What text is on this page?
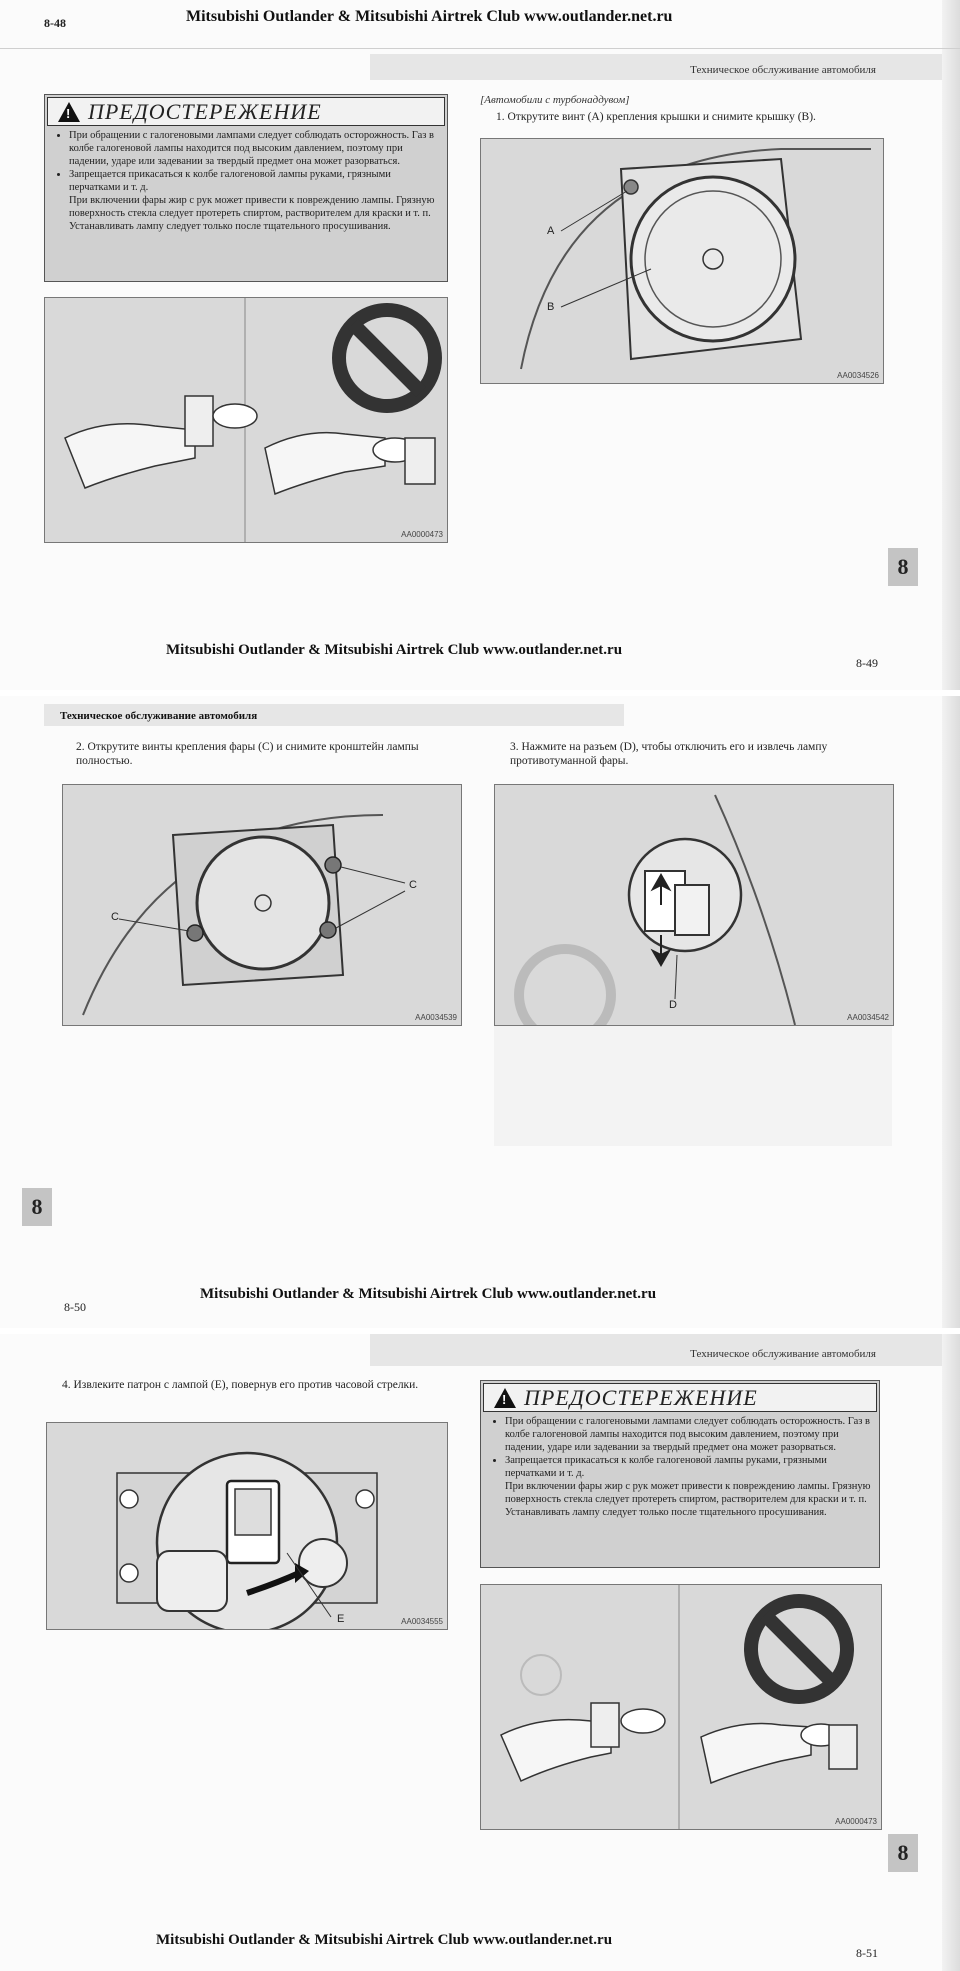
8-48	Mitsubishi Outlander & Mitsubishi Airtrek Club www.outlander.net.ru
Техническое обслуживание автомобиля
!
ПРЕДОСТЕРЕЖЕНИЕ
• При обращении с галогеновыми лампами следует соблюдать осторожность. Газ в колбе галогеновой лампы находится под высоким давлением, поэтому при падении, ударе или задевании за твердый предмет она может разорваться.
• Запрещается прикасаться к колбе галогеновой лампы руками, грязными перчатками и т. д.

При включении фары жир с рук может привести к повреждению лампы. Грязную поверхность стекла следует протереть спиртом, растворителем для краски и т. п. Устанавливать лампу следует только после тщательного просушивания.

AA0000473
[Автомобили с турбонаддувом]
1. Открутите винт (A) крепления крышки и снимите крышку (B).
A
B
AA0034526
8
Mitsubishi Outlander & Mitsubishi Airtrek Club www.outlander.net.ru
8-49
Техническое обслуживание автомобиля
2. Открутите винты крепления фары (C) и снимите кронштейн лампы полностью.
3. Нажмите на разъем (D), чтобы отключить его и извлечь лампу противотуманной фары.
C
C
AA0034539
D
AA0034542
8
Mitsubishi Outlander & Mitsubishi Airtrek Club www.outlander.net.ru
8-50
Техническое обслуживание автомобиля
4. Извлеките патрон с лампой (E), повернув его против часовой стрелки.
E	AA0034555
!
ПРЕДОСТЕРЕЖЕНИЕ
• При обращении с галогеновыми лампами следует соблюдать осторожность. Газ в колбе галогеновой лампы находится под высоким давлением, поэтому при падении, ударе или задевании за твердый предмет она может разорваться.
• Запрещается прикасаться к колбе галогеновой лампы руками, грязными перчатками и т. д.

При включении фары жир с рук может привести к повреждению лампы. Грязную поверхность стекла следует протереть спиртом, растворителем для краски и т. п. Устанавливать лампу следует только после тщательного просушивания.

AA0000473
8
Mitsubishi Outlander & Mitsubishi Airtrek Club www.outlander.net.ru
8-51
